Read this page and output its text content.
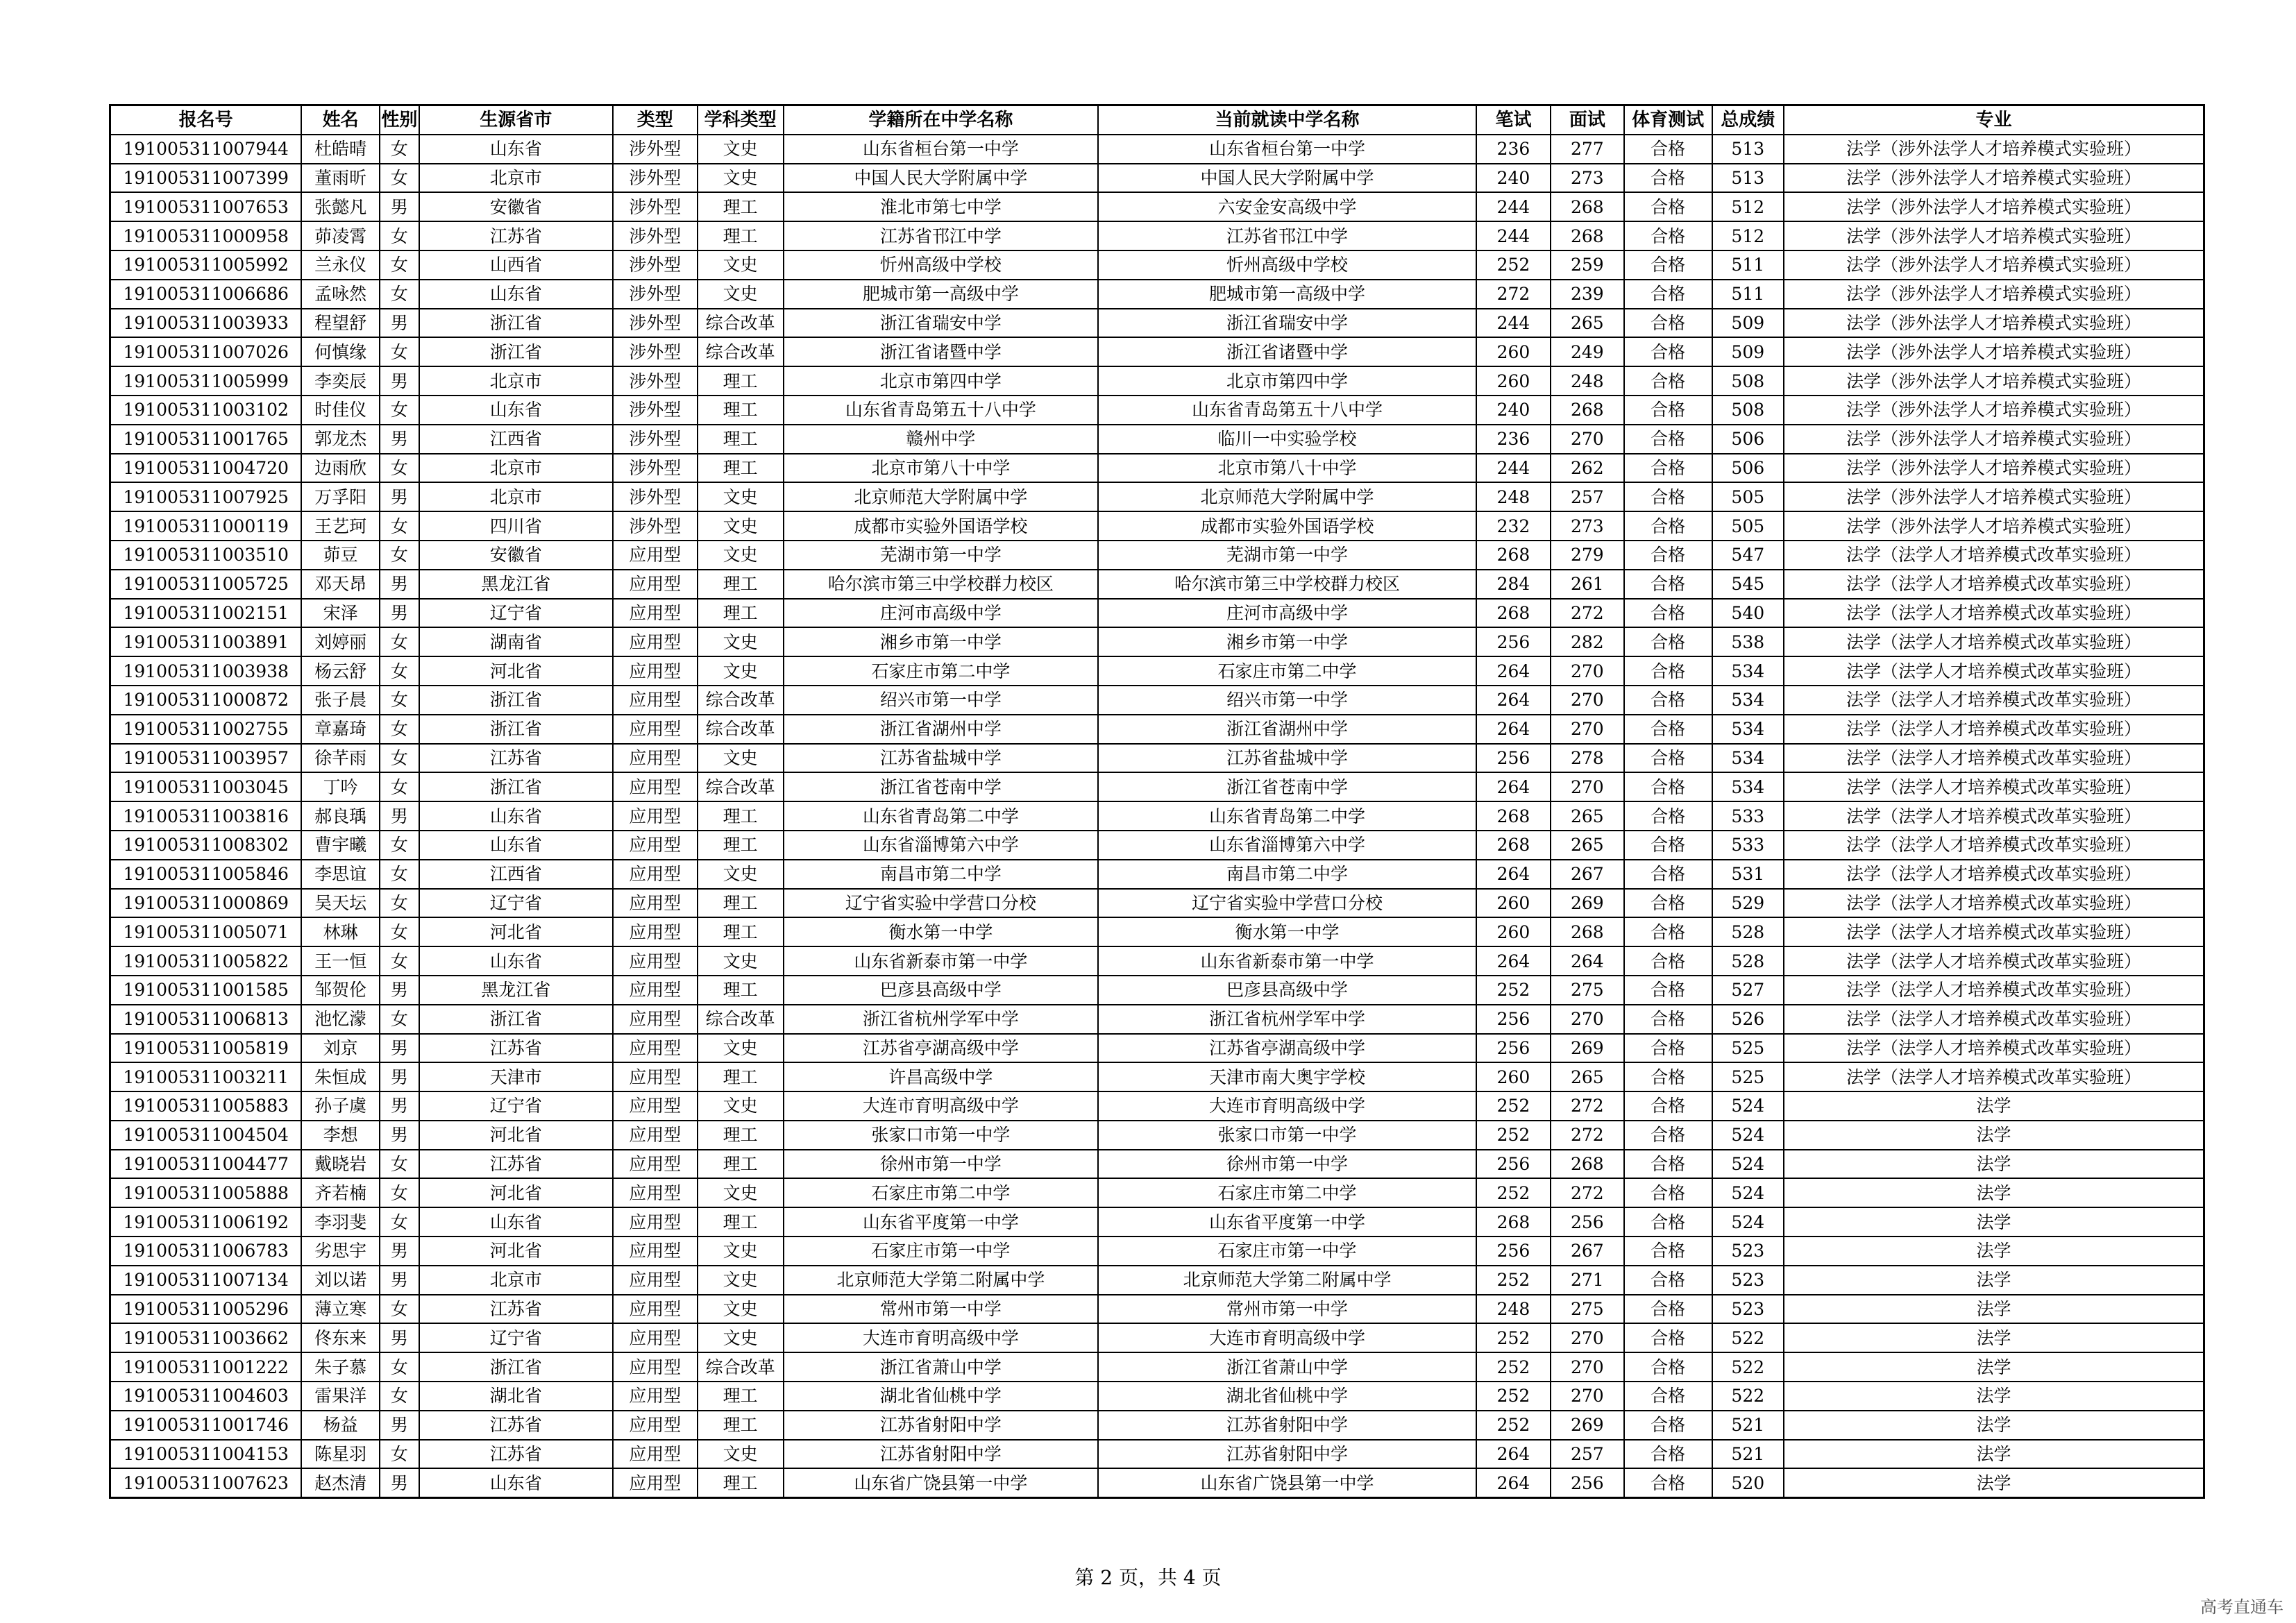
报名号	姓名	性别	生源省市	类型	学科类型	学籍所在中学名称	当前就读中学名称	笔试	面试	体育测试	总成绩	专业
191005311007944	杜皓晴	女	山东省	涉外型	文史	山东省桓台第一中学	山东省桓台第一中学	236	277	合格	513	法学（涉外法学人才培养模式实验班）
191005311007399	董雨昕	女	北京市	涉外型	文史	中国人民大学附属中学	中国人民大学附属中学	240	273	合格	513	法学（涉外法学人才培养模式实验班）
191005311007653	张懿凡	男	安徽省	涉外型	理工	淮北市第七中学	六安金安高级中学	244	268	合格	512	法学（涉外法学人才培养模式实验班）
191005311000958	茆凌霄	女	江苏省	涉外型	理工	江苏省邗江中学	江苏省邗江中学	244	268	合格	512	法学（涉外法学人才培养模式实验班）
191005311005992	兰永仪	女	山西省	涉外型	文史	忻州高级中学校	忻州高级中学校	252	259	合格	511	法学（涉外法学人才培养模式实验班）
191005311006686	孟咏然	女	山东省	涉外型	文史	肥城市第一高级中学	肥城市第一高级中学	272	239	合格	511	法学（涉外法学人才培养模式实验班）
191005311003933	程望舒	男	浙江省	涉外型	综合改革	浙江省瑞安中学	浙江省瑞安中学	244	265	合格	509	法学（涉外法学人才培养模式实验班）
191005311007026	何慎缘	女	浙江省	涉外型	综合改革	浙江省诸暨中学	浙江省诸暨中学	260	249	合格	509	法学（涉外法学人才培养模式实验班）
191005311005999	李奕辰	男	北京市	涉外型	理工	北京市第四中学	北京市第四中学	260	248	合格	508	法学（涉外法学人才培养模式实验班）
191005311003102	时佳仪	女	山东省	涉外型	理工	山东省青岛第五十八中学	山东省青岛第五十八中学	240	268	合格	508	法学（涉外法学人才培养模式实验班）
191005311001765	郭龙杰	男	江西省	涉外型	理工	赣州中学	临川一中实验学校	236	270	合格	506	法学（涉外法学人才培养模式实验班）
191005311004720	边雨欣	女	北京市	涉外型	理工	北京市第八十中学	北京市第八十中学	244	262	合格	506	法学（涉外法学人才培养模式实验班）
191005311007925	万孚阳	男	北京市	涉外型	文史	北京师范大学附属中学	北京师范大学附属中学	248	257	合格	505	法学（涉外法学人才培养模式实验班）
191005311000119	王艺珂	女	四川省	涉外型	文史	成都市实验外国语学校	成都市实验外国语学校	232	273	合格	505	法学（涉外法学人才培养模式实验班）
191005311003510	茆豆	女	安徽省	应用型	文史	芜湖市第一中学	芜湖市第一中学	268	279	合格	547	法学（法学人才培养模式改革实验班）
191005311005725	邓天昂	男	黑龙江省	应用型	理工	哈尔滨市第三中学校群力校区	哈尔滨市第三中学校群力校区	284	261	合格	545	法学（法学人才培养模式改革实验班）
191005311002151	宋泽	男	辽宁省	应用型	理工	庄河市高级中学	庄河市高级中学	268	272	合格	540	法学（法学人才培养模式改革实验班）
191005311003891	刘婷丽	女	湖南省	应用型	文史	湘乡市第一中学	湘乡市第一中学	256	282	合格	538	法学（法学人才培养模式改革实验班）
191005311003938	杨云舒	女	河北省	应用型	文史	石家庄市第二中学	石家庄市第二中学	264	270	合格	534	法学（法学人才培养模式改革实验班）
191005311000872	张子晨	女	浙江省	应用型	综合改革	绍兴市第一中学	绍兴市第一中学	264	270	合格	534	法学（法学人才培养模式改革实验班）
191005311002755	章嘉琦	女	浙江省	应用型	综合改革	浙江省湖州中学	浙江省湖州中学	264	270	合格	534	法学（法学人才培养模式改革实验班）
191005311003957	徐芊雨	女	江苏省	应用型	文史	江苏省盐城中学	江苏省盐城中学	256	278	合格	534	法学（法学人才培养模式改革实验班）
191005311003045	丁吟	女	浙江省	应用型	综合改革	浙江省苍南中学	浙江省苍南中学	264	270	合格	534	法学（法学人才培养模式改革实验班）
191005311003816	郝良瑀	男	山东省	应用型	理工	山东省青岛第二中学	山东省青岛第二中学	268	265	合格	533	法学（法学人才培养模式改革实验班）
191005311008302	曹宇曦	女	山东省	应用型	理工	山东省淄博第六中学	山东省淄博第六中学	268	265	合格	533	法学（法学人才培养模式改革实验班）
191005311005846	李思谊	女	江西省	应用型	文史	南昌市第二中学	南昌市第二中学	264	267	合格	531	法学（法学人才培养模式改革实验班）
191005311000869	吴天坛	女	辽宁省	应用型	理工	辽宁省实验中学营口分校	辽宁省实验中学营口分校	260	269	合格	529	法学（法学人才培养模式改革实验班）
191005311005071	林琳	女	河北省	应用型	理工	衡水第一中学	衡水第一中学	260	268	合格	528	法学（法学人才培养模式改革实验班）
191005311005822	王一恒	女	山东省	应用型	文史	山东省新泰市第一中学	山东省新泰市第一中学	264	264	合格	528	法学（法学人才培养模式改革实验班）
191005311001585	邹贺伦	男	黑龙江省	应用型	理工	巴彦县高级中学	巴彦县高级中学	252	275	合格	527	法学（法学人才培养模式改革实验班）
191005311006813	池忆濛	女	浙江省	应用型	综合改革	浙江省杭州学军中学	浙江省杭州学军中学	256	270	合格	526	法学（法学人才培养模式改革实验班）
191005311005819	刘京	男	江苏省	应用型	文史	江苏省亭湖高级中学	江苏省亭湖高级中学	256	269	合格	525	法学（法学人才培养模式改革实验班）
191005311003211	朱恒成	男	天津市	应用型	理工	许昌高级中学	天津市南大奥宇学校	260	265	合格	525	法学（法学人才培养模式改革实验班）
191005311005883	孙子虞	男	辽宁省	应用型	文史	大连市育明高级中学	大连市育明高级中学	252	272	合格	524	法学
191005311004504	李想	男	河北省	应用型	理工	张家口市第一中学	张家口市第一中学	252	272	合格	524	法学
191005311004477	戴晓岩	女	江苏省	应用型	理工	徐州市第一中学	徐州市第一中学	256	268	合格	524	法学
191005311005888	齐若楠	女	河北省	应用型	文史	石家庄市第二中学	石家庄市第二中学	252	272	合格	524	法学
191005311006192	李羽斐	女	山东省	应用型	理工	山东省平度第一中学	山东省平度第一中学	268	256	合格	524	法学
191005311006783	劣思宇	男	河北省	应用型	文史	石家庄市第一中学	石家庄市第一中学	256	267	合格	523	法学
191005311007134	刘以诺	男	北京市	应用型	文史	北京师范大学第二附属中学	北京师范大学第二附属中学	252	271	合格	523	法学
191005311005296	薄立寒	女	江苏省	应用型	文史	常州市第一中学	常州市第一中学	248	275	合格	523	法学
191005311003662	佟东来	男	辽宁省	应用型	文史	大连市育明高级中学	大连市育明高级中学	252	270	合格	522	法学
191005311001222	朱子慕	女	浙江省	应用型	综合改革	浙江省萧山中学	浙江省萧山中学	252	270	合格	522	法学
191005311004603	雷果洋	女	湖北省	应用型	理工	湖北省仙桃中学	湖北省仙桃中学	252	270	合格	522	法学
191005311001746	杨益	男	江苏省	应用型	理工	江苏省射阳中学	江苏省射阳中学	252	269	合格	521	法学
191005311004153	陈星羽	女	江苏省	应用型	文史	江苏省射阳中学	江苏省射阳中学	264	257	合格	521	法学
191005311007623	赵杰清	男	山东省	应用型	理工	山东省广饶县第一中学	山东省广饶县第一中学	264	256	合格	520	法学
第 2 页，共 4 页
高考直通车
